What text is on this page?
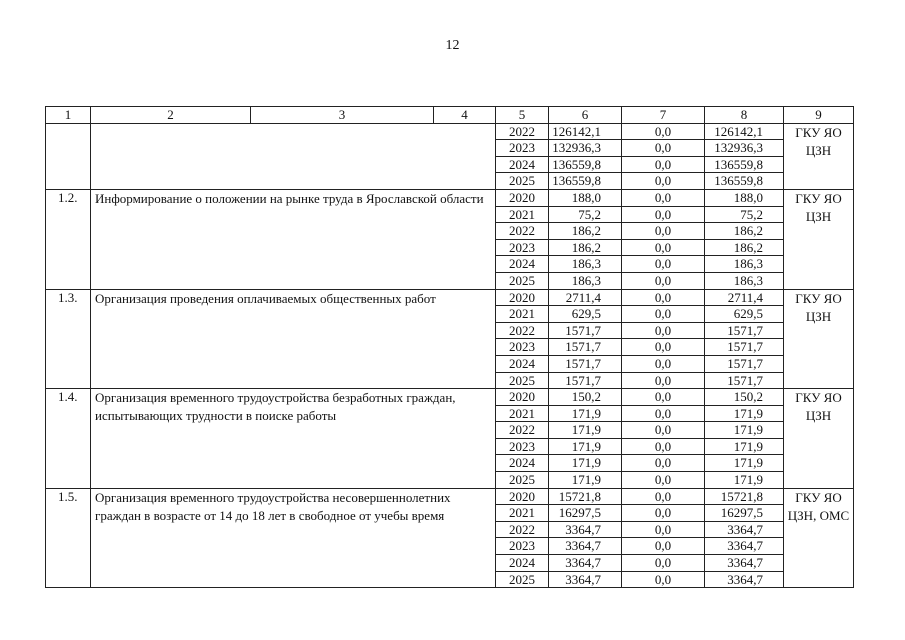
12
1	2	3	4	5	6	7	8	9
				2022	126142,1	0,0	126142,1	ГКУ ЯО ЦЗН
				2023	132936,3	0,0	132936,3	
				2024	136559,8	0,0	136559,8	
				2025	136559,8	0,0	136559,8	
1.2.	Информирование о положении на рынке труда в Ярославской области			2020	188,0	0,0	188,0	ГКУ ЯО ЦЗН
				2021	75,2	0,0	75,2	
				2022	186,2	0,0	186,2	
				2023	186,2	0,0	186,2	
				2024	186,3	0,0	186,3	
				2025	186,3	0,0	186,3	
1.3.	Организация проведения оплачиваемых общественных работ			2020	2711,4	0,0	2711,4	ГКУ ЯО ЦЗН
				2021	629,5	0,0	629,5	
				2022	1571,7	0,0	1571,7	
				2023	1571,7	0,0	1571,7	
				2024	1571,7	0,0	1571,7	
				2025	1571,7	0,0	1571,7	
1.4.	Организация временного трудоустройства безработных граждан, испытывающих трудности в поиске работы			2020	150,2	0,0	150,2	ГКУ ЯО ЦЗН
				2021	171,9	0,0	171,9	
				2022	171,9	0,0	171,9	
				2023	171,9	0,0	171,9	
				2024	171,9	0,0	171,9	
				2025	171,9	0,0	171,9	
1.5.	Организация временного трудоустройства несовершеннолетних граждан в возрасте от 14 до 18 лет в свободное от учебы время			2020	15721,8	0,0	15721,8	ГКУ ЯО ЦЗН, ОМС
				2021	16297,5	0,0	16297,5	
				2022	3364,7	0,0	3364,7	
				2023	3364,7	0,0	3364,7	
				2024	3364,7	0,0	3364,7	
				2025	3364,7	0,0	3364,7	
